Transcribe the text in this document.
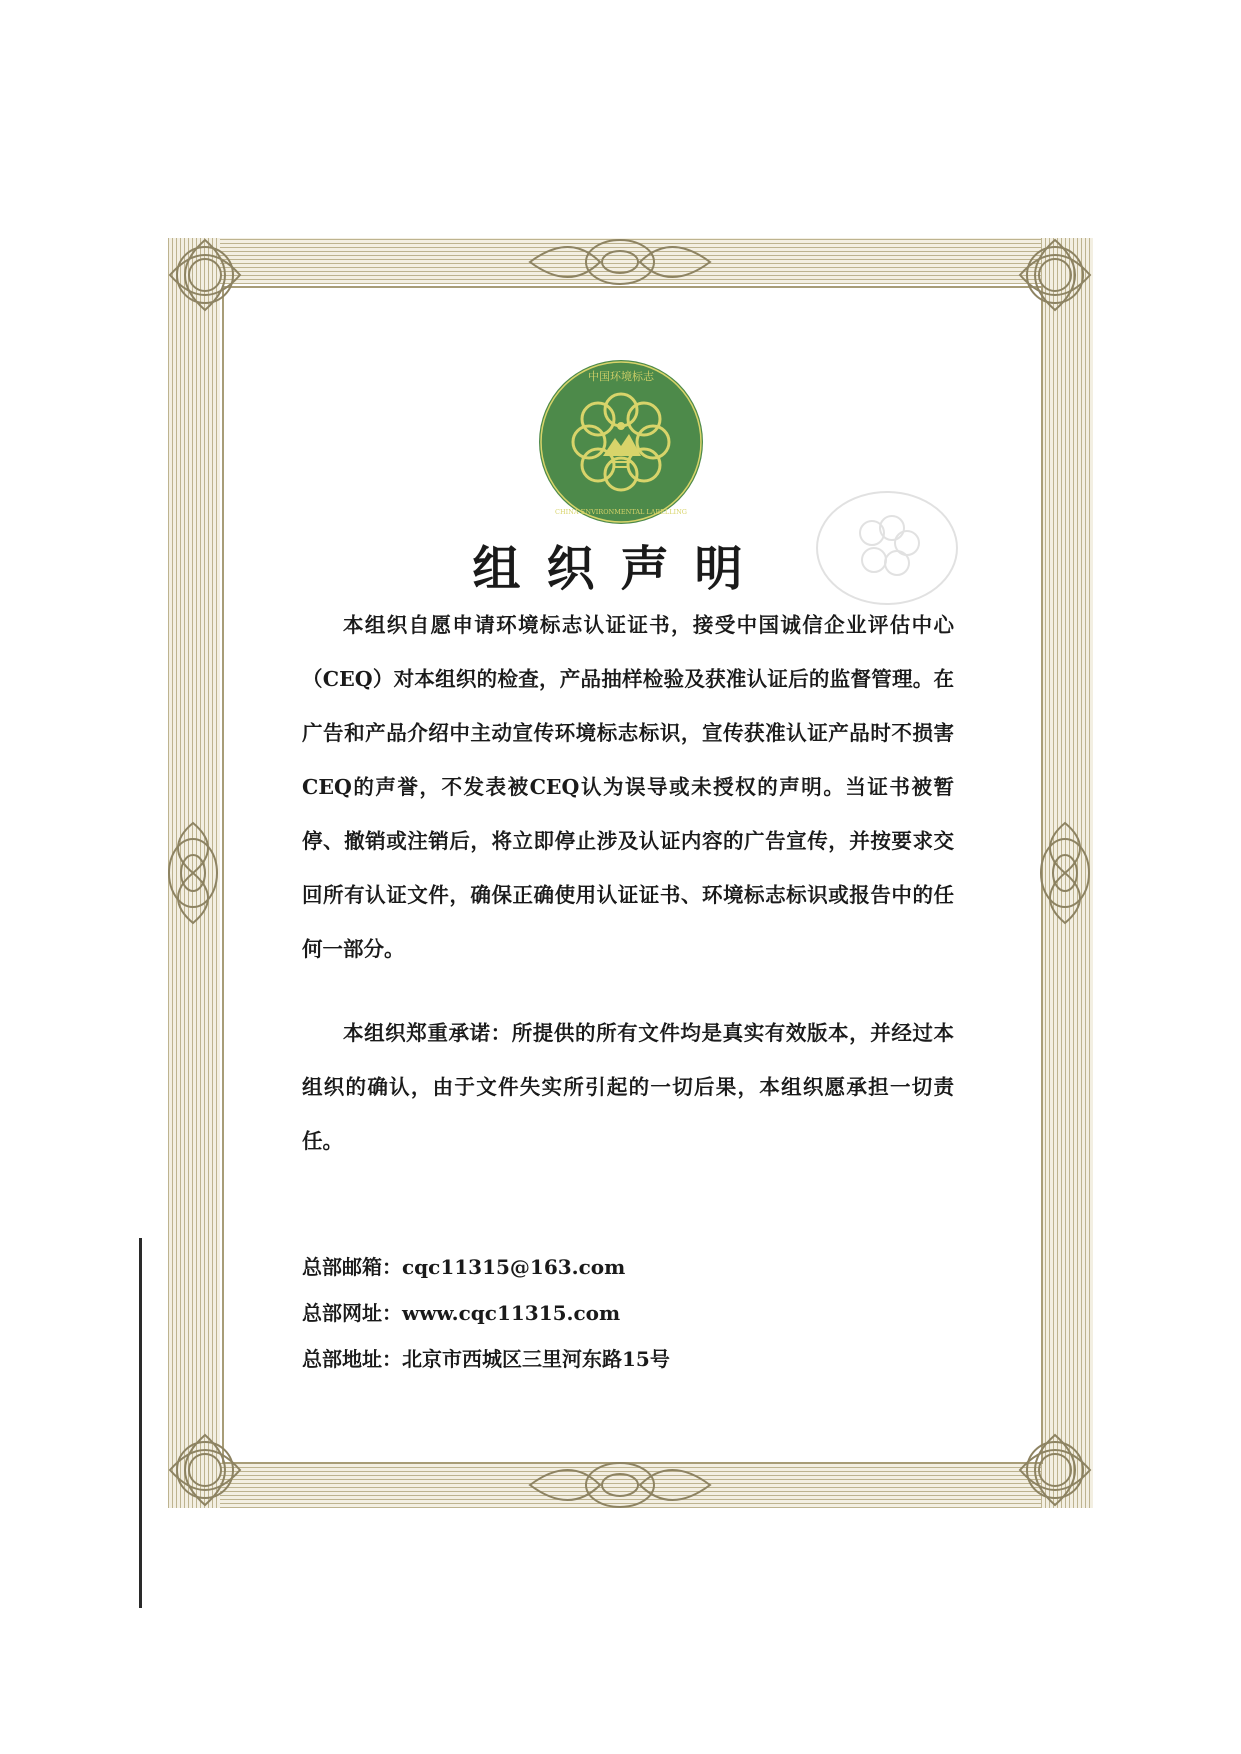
中国环境标志
CHINA ENVIRONMENTAL LABELLING
组织声明
本组织自愿申请环境标志认证证书，接受中国诚信企业评估中心（CEQ）对本组织的检查，产品抽样检验及获准认证后的监督管理。在广告和产品介绍中主动宣传环境标志标识，宣传获准认证产品时不损害CEQ的声誉，不发表被CEQ认为误导或未授权的声明。当证书被暂停、撤销或注销后，将立即停止涉及认证内容的广告宣传，并按要求交回所有认证文件，确保正确使用认证证书、环境标志标识或报告中的任何一部分。
本组织郑重承诺：所提供的所有文件均是真实有效版本，并经过本组织的确认，由于文件失实所引起的一切后果，本组织愿承担一切责任。
总部邮箱：cqc11315@163.com
总部网址：www.cqc11315.com
总部地址：北京市西城区三里河东路15号
